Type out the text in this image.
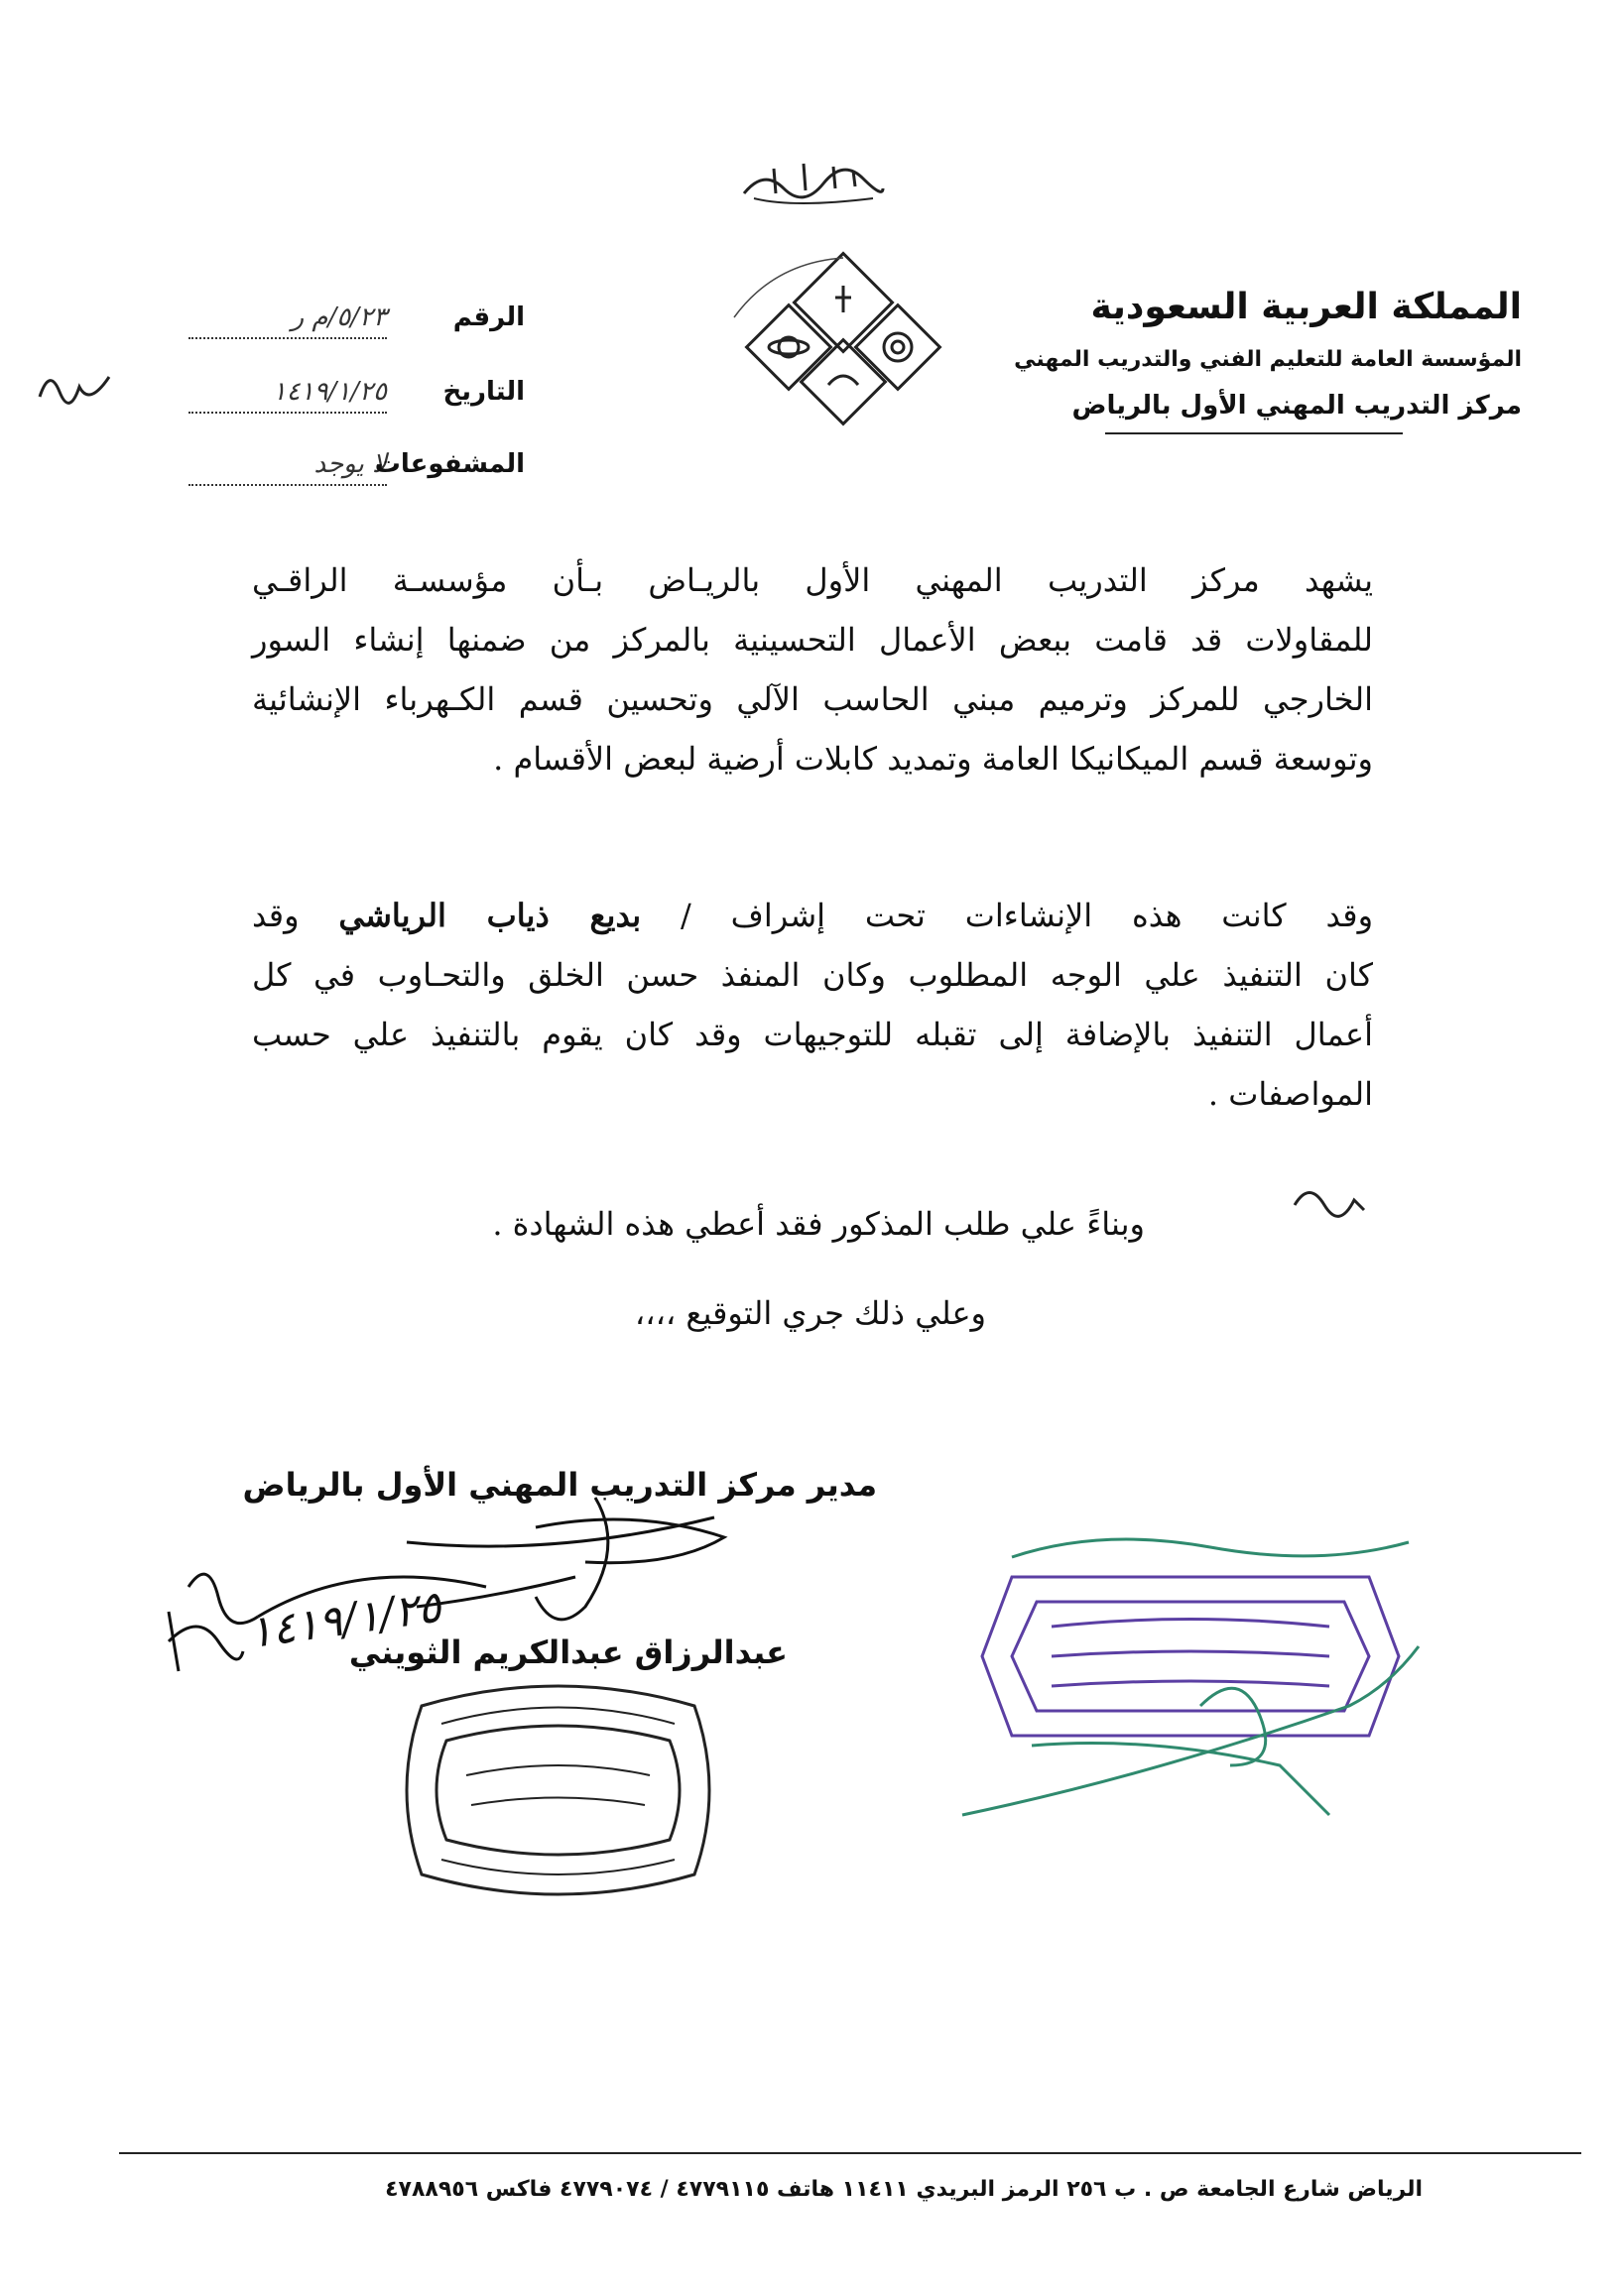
المملكة العربية السعودية
المؤسسة العامة للتعليم الفني والتدريب المهني
مركز التدريب المهني الأول بالرياض
الرقم ٥/٢٣/م ر
التاريخ ١٤١٩/١/٢٥
المشفوعات لا يوجد

يشهد مركز التدريب المهني الأول بالريـاض بـأن مؤسسـة الراقـي

للمقاولات قد قامت ببعض الأعمال التحسينية بالمركز من ضمنها إنشاء السور

الخارجي للمركز وترميم مبني الحاسب الآلي وتحسين قسم الكـهرباء الإنشائية

وتوسعة قسم الميكانيكا العامة وتمديد كابلات أرضية لبعض الأقسام .

وقد كانت هذه الإنشاءات تحت إشراف / بديع ذياب الرياشي وقد

كان التنفيذ علي الوجه المطلوب وكان المنفذ حسن الخلق والتحـاوب في كل

أعمال التنفيذ بالإضافة إلى تقبله للتوجيهات وقد كان يقوم بالتنفيذ علي حسب

المواصفات .

وبناءً علي طلب المذكور فقد أعطي هذه الشهادة .
وعلي ذلك جري التوقيع ،،،،
مدير مركز التدريب المهني الأول بالرياض
عبدالرزاق عبدالكريم الثويني
١٤١٩/١/٢٥
الرياض شارع الجامعة ص . ب ٢٥٦ الرمز البريدي ١١٤١١ هاتف ٤٧٧٩١١٥ / ٤٧٧٩٠٧٤ فاكس ٤٧٨٨٩٥٦
